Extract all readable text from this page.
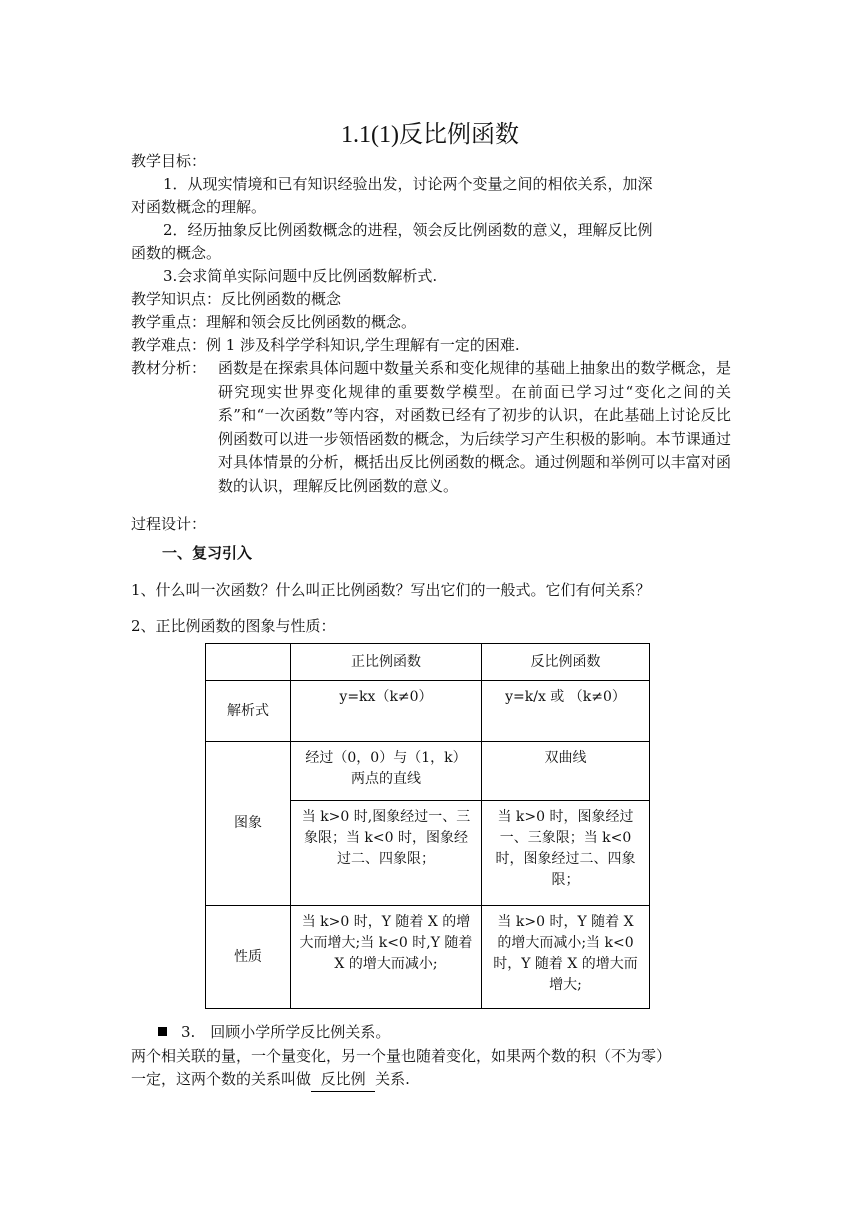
1.1(1)反比例函数
教学目标：
1．从现实情境和已有知识经验出发，讨论两个变量之间的相依关系，加深
对函数概念的理解。
2．经历抽象反比例函数概念的进程，领会反比例函数的意义，理解反比例
函数的概念。
3.会求简单实际问题中反比例函数解析式.
教学知识点：反比例函数的概念
教学重点：理解和领会反比例函数的概念。
教学难点：例 1 涉及科学学科知识,学生理解有一定的困难.
教材分析： 函数是在探索具体问题中数量关系和变化规律的基础上抽象出的数学概念，是研究现实世界变化规律的重要数学模型。在前面已学习过“变化之间的关系”和“一次函数”等内容，对函数已经有了初步的认识，在此基础上讨论反比例函数可以进一步领悟函数的概念，为后续学习产生积极的影响。本节课通过对具体情景的分析，概括出反比例函数的概念。通过例题和举例可以丰富对函数的认识，理解反比例函数的意义。
过程设计：
一、复习引入
1、什么叫一次函数？什么叫正比例函数？写出它们的一般式。它们有何关系？
2、正比例函数的图象与性质：
	正比例函数	反比例函数
解析式	y=kx（k≠0）	y=k/x 或 （k≠0）
图象	经过（0，0）与（1，k）两点的直线	双曲线
	当 k>0 时,图象经过一、三象限；当 k<0 时，图象经过二、四象限；	当 k>0 时，图象经过一、三象限；当 k<0 时，图象经过二、四象限；
性质	当 k>0 时，Y 随着 X 的增大而增大;当 k<0 时,Y 随着 X 的增大而减小;	当 k>0 时，Y 随着 X 的增大而减小;当 k<0 时，Y 随着 X 的增大而增大;
3.　回顾小学所学反比例关系。
两个相关联的量，一个量变化，另一个量也随着变化，如果两个数的积（不为零）
一定，这两个数的关系叫做 反比例 关系.
